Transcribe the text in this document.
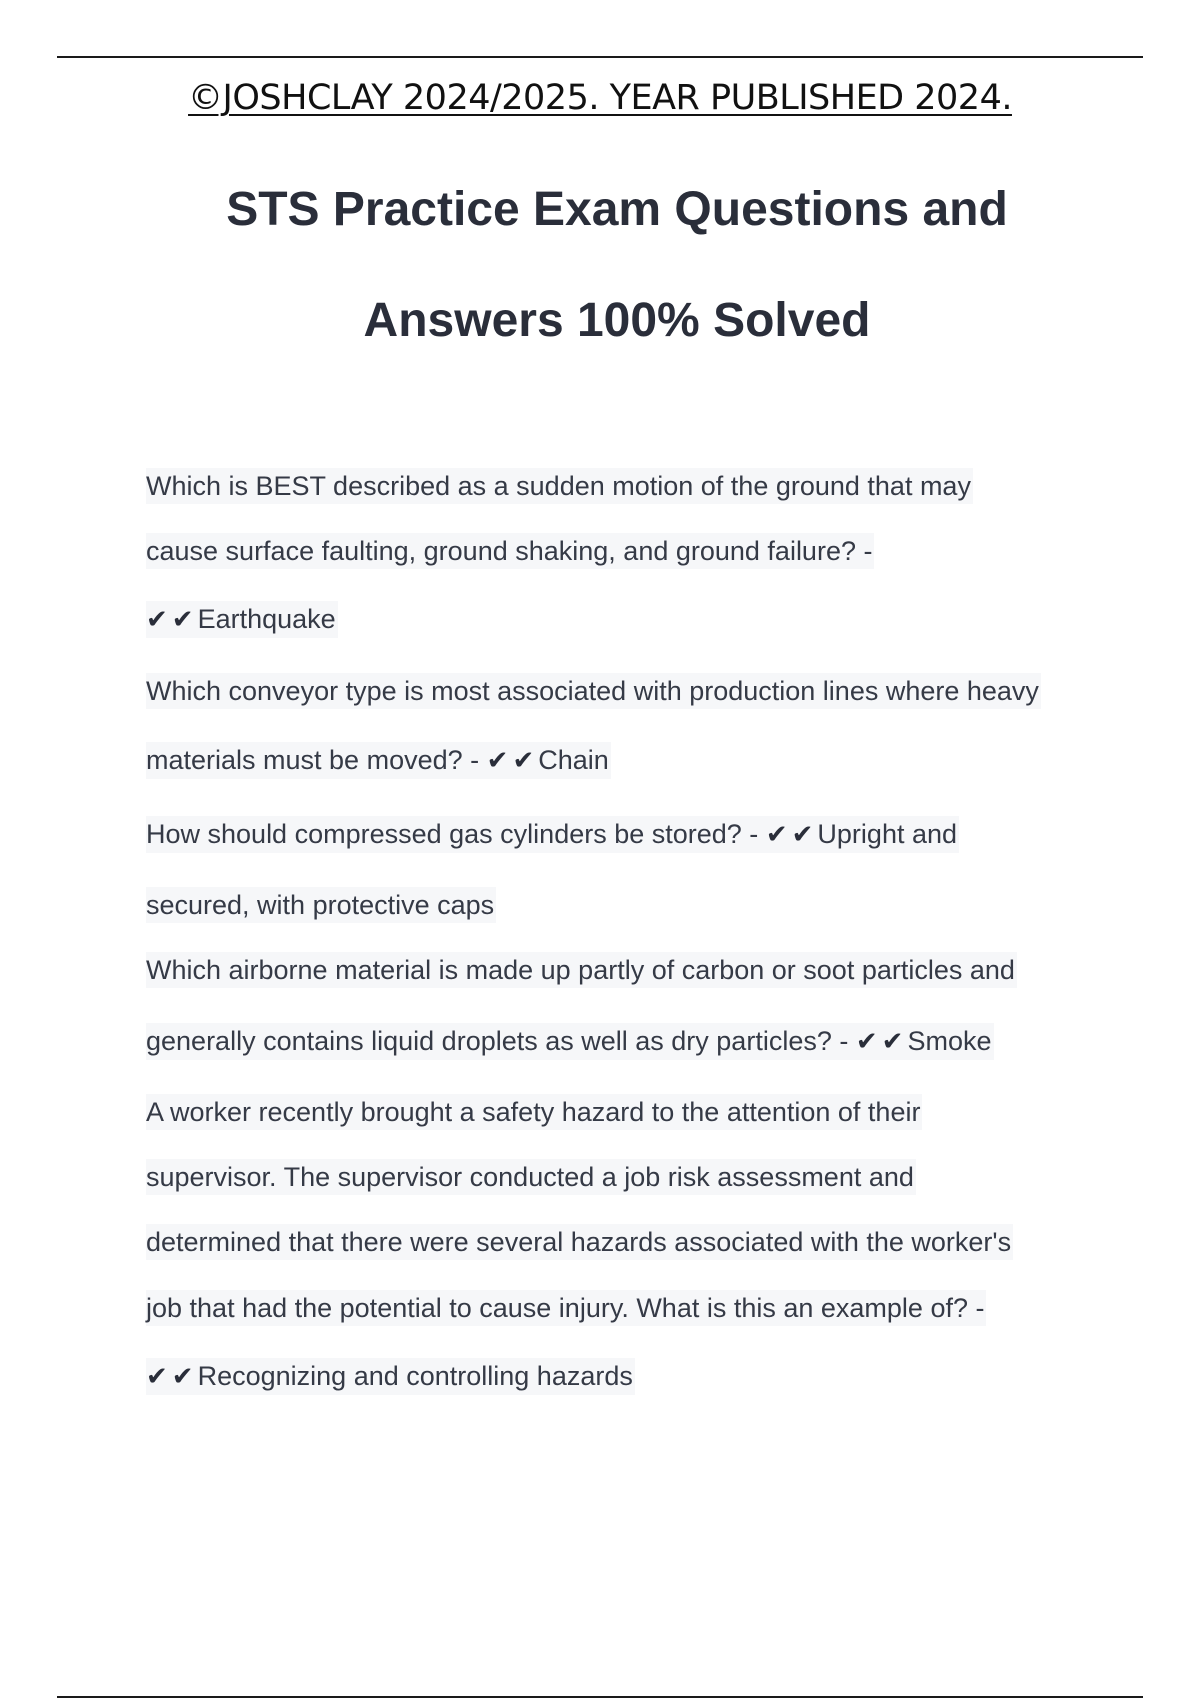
©JOSHCLAY 2024/2025. YEAR PUBLISHED 2024.
STS Practice Exam Questions and
Answers 100% Solved
Which is BEST described as a sudden motion of the ground that may
cause surface faulting, ground shaking, and ground failure? -
✔ ✔ Earthquake
Which conveyor type is most associated with production lines where heavy
materials must be moved? - ✔ ✔ Chain
How should compressed gas cylinders be stored? - ✔ ✔ Upright and
secured, with protective caps
Which airborne material is made up partly of carbon or soot particles and
generally contains liquid droplets as well as dry particles? - ✔ ✔ Smoke
A worker recently brought a safety hazard to the attention of their
supervisor. The supervisor conducted a job risk assessment and
determined that there were several hazards associated with the worker's
job that had the potential to cause injury. What is this an example of? -
✔ ✔ Recognizing and controlling hazards
